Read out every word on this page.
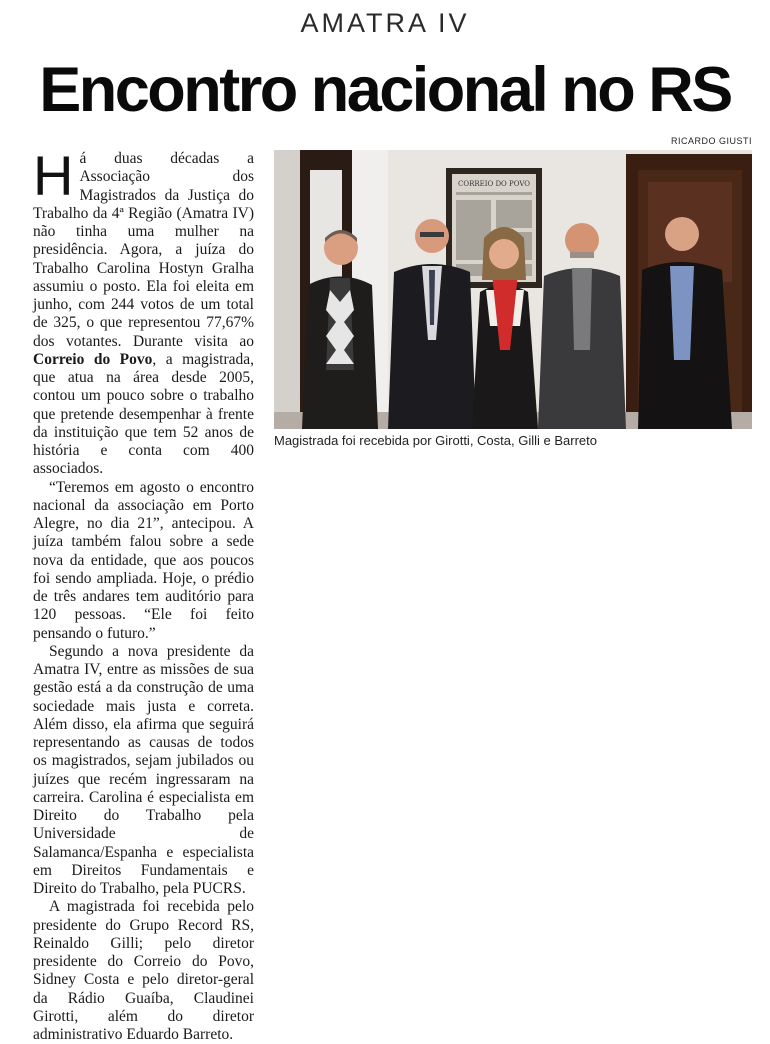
AMATRA IV
Encontro nacional no RS

Há duas décadas a Associação dos Magistrados da Justiça do Trabalho da 4ª Região (Amatra IV) não tinha uma mulher na presidência. Agora, a juíza do Trabalho Carolina Hostyn Gralha assumiu o posto. Ela foi eleita em junho, com 244 votos de um total de 325, o que representou 77,67% dos votantes. Durante visita ao Correio do Povo, a magistrada, que atua na área desde 2005, contou um pouco sobre o trabalho que pretende desempenhar à frente da instituição que tem 52 anos de história e conta com 400 associados.

“Teremos em agosto o encontro nacional da associação em Porto Alegre, no dia 21”, antecipou. A juíza também falou sobre a sede nova da entidade, que aos poucos foi sendo ampliada. Hoje, o prédio de três andares tem auditório para 120 pessoas. “Ele foi feito pensando o futuro.”

Segundo a nova presidente da Amatra IV, entre as missões de sua gestão está a da construção de uma sociedade mais justa e correta. Além disso, ela afirma que seguirá representando as causas de todos os magistrados, sejam jubilados ou juízes que recém ingressaram na carreira. Carolina é especialista em Direito do Trabalho pela Universidade de Salamanca/Espanha e especialista em Direitos Fundamentais e Direito do Trabalho, pela PUCRS.

A magistrada foi recebida pelo presidente do Grupo Record RS, Reinaldo Gilli; pelo diretor presidente do Correio do Povo, Sidney Costa e pelo diretor-geral da Rádio Guaíba, Claudinei Girotti, além do diretor administrativo Eduardo Barreto.

RICARDO GIUSTI
CORREIO DO POVO
Magistrada foi recebida por Girotti, Costa, Gilli e Barreto
